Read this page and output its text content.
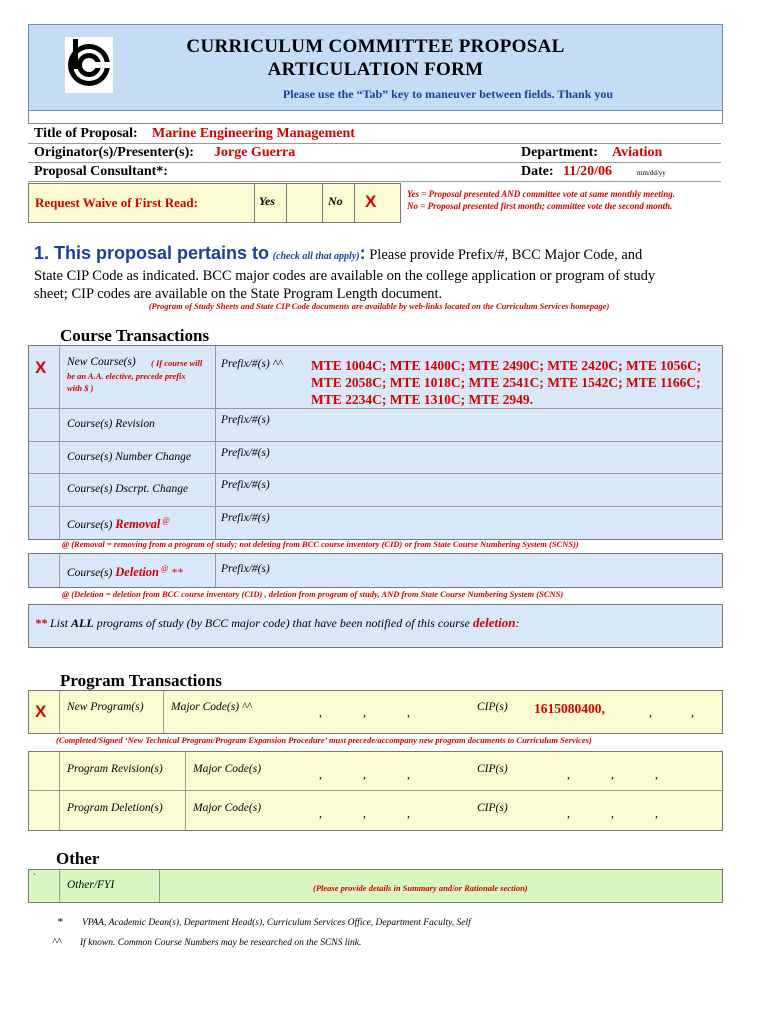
CURRICULUM COMMITTEE PROPOSAL
ARTICULATION FORM
Please use the “Tab” key to maneuver between fields. Thank you
Title of Proposal: Marine Engineering Management
Originator(s)/Presenter(s): Jorge Guerra	Department: Aviation
Proposal Consultant*:	Date: 11/20/06	mm/dd/yy
Request Waive of First Read:	Yes	No X	Yes = Proposal presented AND committee vote at same monthly meeting.
No = Proposal presented first month; committee vote the second month.
1. This proposal pertains to (check all that apply): Please provide Prefix/#, BCC Major Code, and
State CIP Code as indicated. BCC major codes are available on the college application or program of study
sheet; CIP codes are available on the State Program Length document.
(Program of Study Sheets and State CIP Code documents are available by web-links located on the Curriculum Services homepage)
Course Transactions
X New Course(s) ( If course will
be an A.A. elective, precede prefix
with $ )
Prefix/#(s) ^^ MTE 1004C; MTE 1400C; MTE 2490C; MTE 2420C; MTE 1056C;
MTE 2058C; MTE 1018C; MTE 2541C; MTE 1542C; MTE 1166C;
MTE 2234C; MTE 1310C; MTE 2949.
Course(s) Revision	Prefix/#(s)
Course(s) Number Change	Prefix/#(s)
Course(s) Dscrpt. Change	Prefix/#(s)
Course(s) Removal @	Prefix/#(s)
@ (Removal = removing from a program of study; not deleting from BCC course inventory (CID) or from State Course Numbering System (SCNS))
Course(s) Deletion @ **	Prefix/#(s)
@ (Deletion = deletion from BCC course inventory (CID) , deletion from program of study, AND from State Course Numbering System (SCNS)
** List ALL programs of study (by BCC major code) that have been notified of this course deletion:
Program Transactions
X New Program(s) Major Code(s) ^^	,	,	,	CIP(s) 1615080400,	,	,
(Completed/Signed ‘New Technical Program/Program Expansion Procedure’ must precede/accompany new program documents to Curriculum Services)
Program Revision(s)	Major Code(s)	,	,	,	CIP(s)	,	,	,
Program Deletion(s)	Major Code(s)	,	,	,	CIP(s)	,	,	,
Other
`
Other/FYI	(Please provide details in Summary and/or Rationale section)
* VPAA, Academic Dean(s), Department Head(s), Curriculum Services Office, Department Faculty, Self
^^ If known. Common Course Numbers may be researched on the SCNS link.
